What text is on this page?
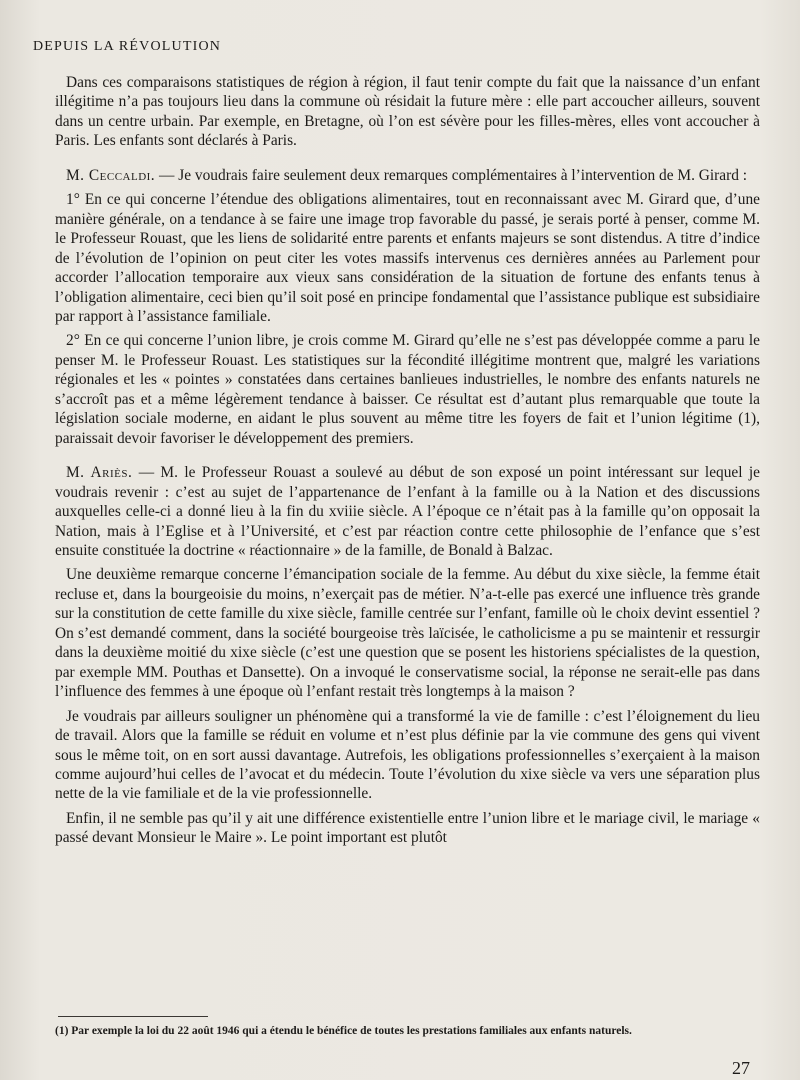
DEPUIS LA RÉVOLUTION

Dans ces comparaisons statistiques de région à région, il faut tenir compte du fait que la naissance d’un enfant illégitime n’a pas toujours lieu dans la commune où résidait la future mère : elle part accoucher ailleurs, souvent dans un centre urbain. Par exemple, en Bretagne, où l’on est sévère pour les filles-mères, elles vont accoucher à Paris. Les enfants sont déclarés à Paris.

M. Ceccaldi. — Je voudrais faire seulement deux remarques complémentaires à l’intervention de M. Girard :

1° En ce qui concerne l’étendue des obligations alimentaires, tout en reconnaissant avec M. Girard que, d’une manière générale, on a tendance à se faire une image trop favorable du passé, je serais porté à penser, comme M. le Professeur Rouast, que les liens de solidarité entre parents et enfants majeurs se sont distendus. A titre d’indice de l’évolution de l’opinion on peut citer les votes massifs intervenus ces dernières années au Parlement pour accorder l’allocation temporaire aux vieux sans considération de la situation de fortune des enfants tenus à l’obligation alimentaire, ceci bien qu’il soit posé en principe fondamental que l’assistance publique est subsidiaire par rapport à l’assistance familiale.

2° En ce qui concerne l’union libre, je crois comme M. Girard qu’elle ne s’est pas développée comme a paru le penser M. le Professeur Rouast. Les statistiques sur la fécondité illégitime montrent que, malgré les variations régionales et les « pointes » constatées dans certaines banlieues industrielles, le nombre des enfants naturels ne s’accroît pas et a même légèrement tendance à baisser. Ce résultat est d’autant plus remarquable que toute la législation sociale moderne, en aidant le plus souvent au même titre les foyers de fait et l’union légitime (1), paraissait devoir favoriser le développement des premiers.

M. Ariès. — M. le Professeur Rouast a soulevé au début de son exposé un point intéressant sur lequel je voudrais revenir : c’est au sujet de l’appartenance de l’enfant à la famille ou à la Nation et des discussions auxquelles celle-ci a donné lieu à la fin du xviiie siècle. A l’époque ce n’était pas à la famille qu’on opposait la Nation, mais à l’Eglise et à l’Université, et c’est par réaction contre cette philosophie de l’enfance que s’est ensuite constituée la doctrine « réactionnaire » de la famille, de Bonald à Balzac.

Une deuxième remarque concerne l’émancipation sociale de la femme. Au début du xixe siècle, la femme était recluse et, dans la bourgeoisie du moins, n’exerçait pas de métier. N’a-t-elle pas exercé une influence très grande sur la constitution de cette famille du xixe siècle, famille centrée sur l’enfant, famille où le choix devint essentiel ? On s’est demandé comment, dans la société bourgeoise très laïcisée, le catholicisme a pu se maintenir et ressurgir dans la deuxième moitié du xixe siècle (c’est une question que se posent les historiens spécialistes de la question, par exemple MM. Pouthas et Dansette). On a invoqué le conservatisme social, la réponse ne serait-elle pas dans l’influence des femmes à une époque où l’enfant restait très longtemps à la maison ?

Je voudrais par ailleurs souligner un phénomène qui a transformé la vie de famille : c’est l’éloignement du lieu de travail. Alors que la famille se réduit en volume et n’est plus définie par la vie commune des gens qui vivent sous le même toit, on en sort aussi davantage. Autrefois, les obligations professionnelles s’exerçaient à la maison comme aujourd’hui celles de l’avocat et du médecin. Toute l’évolution du xixe siècle va vers une séparation plus nette de la vie familiale et de la vie professionnelle.

Enfin, il ne semble pas qu’il y ait une différence existentielle entre l’union libre et le mariage civil, le mariage « passé devant Monsieur le Maire ». Le point important est plutôt

(1) Par exemple la loi du 22 août 1946 qui a étendu le bénéfice de toutes les prestations familiales aux enfants naturels.
27
